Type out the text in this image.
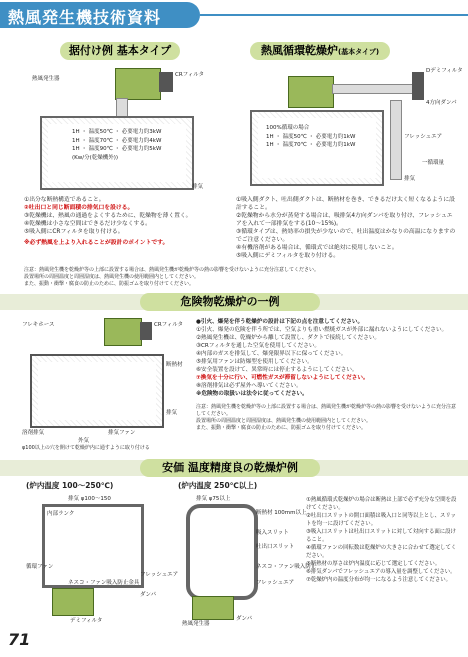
熱風発生機技術資料
据付け例 基本タイプ	熱風循環乾燥炉(基本タイプ)
CRフィルタ
熱風発生器
1H ・ 温度50℃ ・ 必要電力約3kW
1H ・ 温度70℃ ・ 必要電力約4kW
1H ・ 温度90℃ ・ 必要電力約5kW
(Kw/分(乾燥機外))
排気
Dデミフィルタ
4方向ダンパ
100%循環の場合
1H ・ 温度50℃ ・ 必要電力約1kW
1H ・ 温度70℃ ・ 必要電力約1kW
フレッシュエア
一循環量
排気
①出分な断熱構造であること。
②吐出口と同じ断面積の排気口を設ける。
③乾燥機は、熱風の通過をよくするために、乾燥物を薄く置く。
④乾燥機は小さな空間はできるだけ少なくする。
⑤吸入側にCRフィルタを取り付ける。
※必ず熱風を上より入れることが設計のポイントです。
①吸入側ダクト、吐出側ダクトは、断熱材を巻き、できるだけ太く短くなるように設計すること。
②乾燥物から水分が蒸発する場合は、吸排気4方向ダンパを取り付け、フレッシュエアを入れて一部排気をする(10～15%)。
③循環タイプは、熱効率の損失が少ないので、吐出温度はかなりの高温になりますのでご注意ください。
④有機溶剤がある場合は、循環式では絶対に使用しないこと。
⑤吸入側にデミフィルタを取り付ける。
注意：熱風発生機を乾燥炉等の上部に設置する場合は、熱風発生機が乾燥炉等の熱の影響を受けないように充分注意してください。
設置場所の周囲温度と周囲湿度は、熱風発生機の使用範囲内としてください。
また、振動・衝撃・腐食の防止のために、防振ゴムを取り付けてください。
危険物乾燥炉の一例
CRフィルタ
フレキホース
断熱材
排気
溶剤排気	排気ファン
外気
φ100以上の穴を開けて乾燥炉内に通すように取り付ける
●引火、爆発を伴う乾燥炉の設計は下記の点を注意してください。
①引火、爆発の危険を伴う所では、空気よりも重い燃焼ガスが外部に漏れないようにしてください。
②熱風発生機は、乾燥炉から離して設置し、ダクトで接続してください。
③CRフィルタを通した空気を使用してください。
④内部のガスを排気して、爆発限界以下に保ってください。
⑤排気用ファンは防爆型を使用してください。
⑥安全装置を設けて、異常時には停止するようにしてください。
⑦換気を十分に行い、可燃性ガスが滞留しないようにしてください。
⑧溶剤排気は必ず屋外へ導いてください。
※危険物の取扱いは法令に従ってください。
注意：熱風発生機を乾燥炉等の上部に設置する場合は、熱風発生機が乾燥炉等の熱の影響を受けないように充分注意してください。
設置場所の周囲温度と周囲湿度は、熱風発生機の使用範囲内としてください。
また、振動・衝撃・腐食の防止のために、防振ゴムを取り付けてください。
安価 温度精度良の乾燥炉例
(炉内温度 100～250℃)	(炉内温度 250℃以上)
排気 φ100～150
内部ランク
循環ファン
ネスコ・ファン吸入防止金具
フレッシュエア
ダンパ
デミフィルタ
排気 φ75以上
断熱材 100mm以上
吸入スリット
吐出口スリット
ネスコ・ファン吸入防止
フレッシュエア
熱風発生器
ダンパ
①熱風循環式乾燥炉の場合は断熱は上部で必ず充分な空間を設けてください。
②吐出口スリットの開口面積は吸入口と同等以上とし、スリットを均一に設けてください。
③吸入口スリットは吐出口スリットに対して対向する面に設けること。
④循環ファンの回転数は乾燥炉の大きさに合わせて選定してください。
⑤断熱材の厚さは炉内温度に応じて選定してください。
⑥排気ダンパでフレッシュエアの導入量を調整してください。
⑦乾燥炉内の温度分布が均一になるよう注意してください。
71
